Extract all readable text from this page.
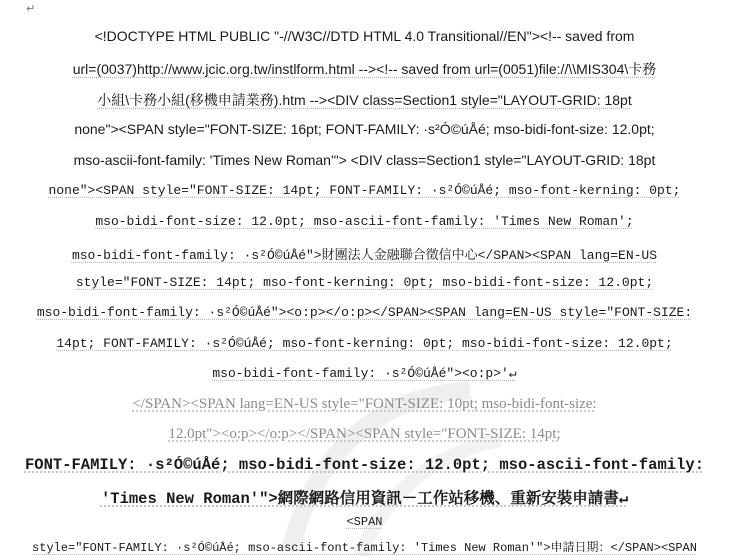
↵
<!DOCTYPE HTML PUBLIC "-//W3C//DTD HTML 4.0 Transitional//EN"><!-- saved from
url=(0037)http://www.jcic.org.tw/instlform.html --><!-- saved from url=(0051)file://\\MIS304\卡務
小組\卡務小組(移機申請業務).htm --><DIV class=Section1 style="LAYOUT-GRID: 18pt
none"><SPAN style="FONT-SIZE: 16pt; FONT-FAMILY: ·s²Ó©úÅé; mso-bidi-font-size: 12.0pt;
mso-ascii-font-family: 'Times New Roman'"> <DIV class=Section1 style="LAYOUT-GRID: 18pt
none"><SPAN style="FONT-SIZE: 14pt; FONT-FAMILY: ·s²Ó©úÅé; mso-font-kerning: 0pt;
mso-bidi-font-size: 12.0pt; mso-ascii-font-family: 'Times New Roman';
mso-bidi-font-family: ·s²Ó©úÅé">財團法人金融聯合徵信中心</SPAN><SPAN lang=EN-US
style="FONT-SIZE: 14pt; mso-font-kerning: 0pt; mso-bidi-font-size: 12.0pt;
mso-bidi-font-family: ·s²Ó©úÅé"><o:p></o:p></SPAN><SPAN lang=EN-US style="FONT-SIZE:
14pt; FONT-FAMILY: ·s²Ó©úÅé; mso-font-kerning: 0pt; mso-bidi-font-size: 12.0pt;
mso-bidi-font-family: ·s²Ó©úÅé"><o:p>'↵
</SPAN><SPAN lang=EN-US style="FONT-SIZE: 10pt; mso-bidi-font-size:
12.0pt"><o:p></o:p></SPAN><SPAN style="FONT-SIZE: 14pt;
FONT-FAMILY: ·s²Ó©úÅé; mso-bidi-font-size: 12.0pt; mso-ascii-font-family:
'Times New Roman'">網際網路信用資訊－工作站移機、重新安裝申請書↵
<SPAN
style="FONT-FAMILY: ·s²Ó©úÅé; mso-ascii-font-family: 'Times New Roman'">申請日期：</SPAN><SPAN
